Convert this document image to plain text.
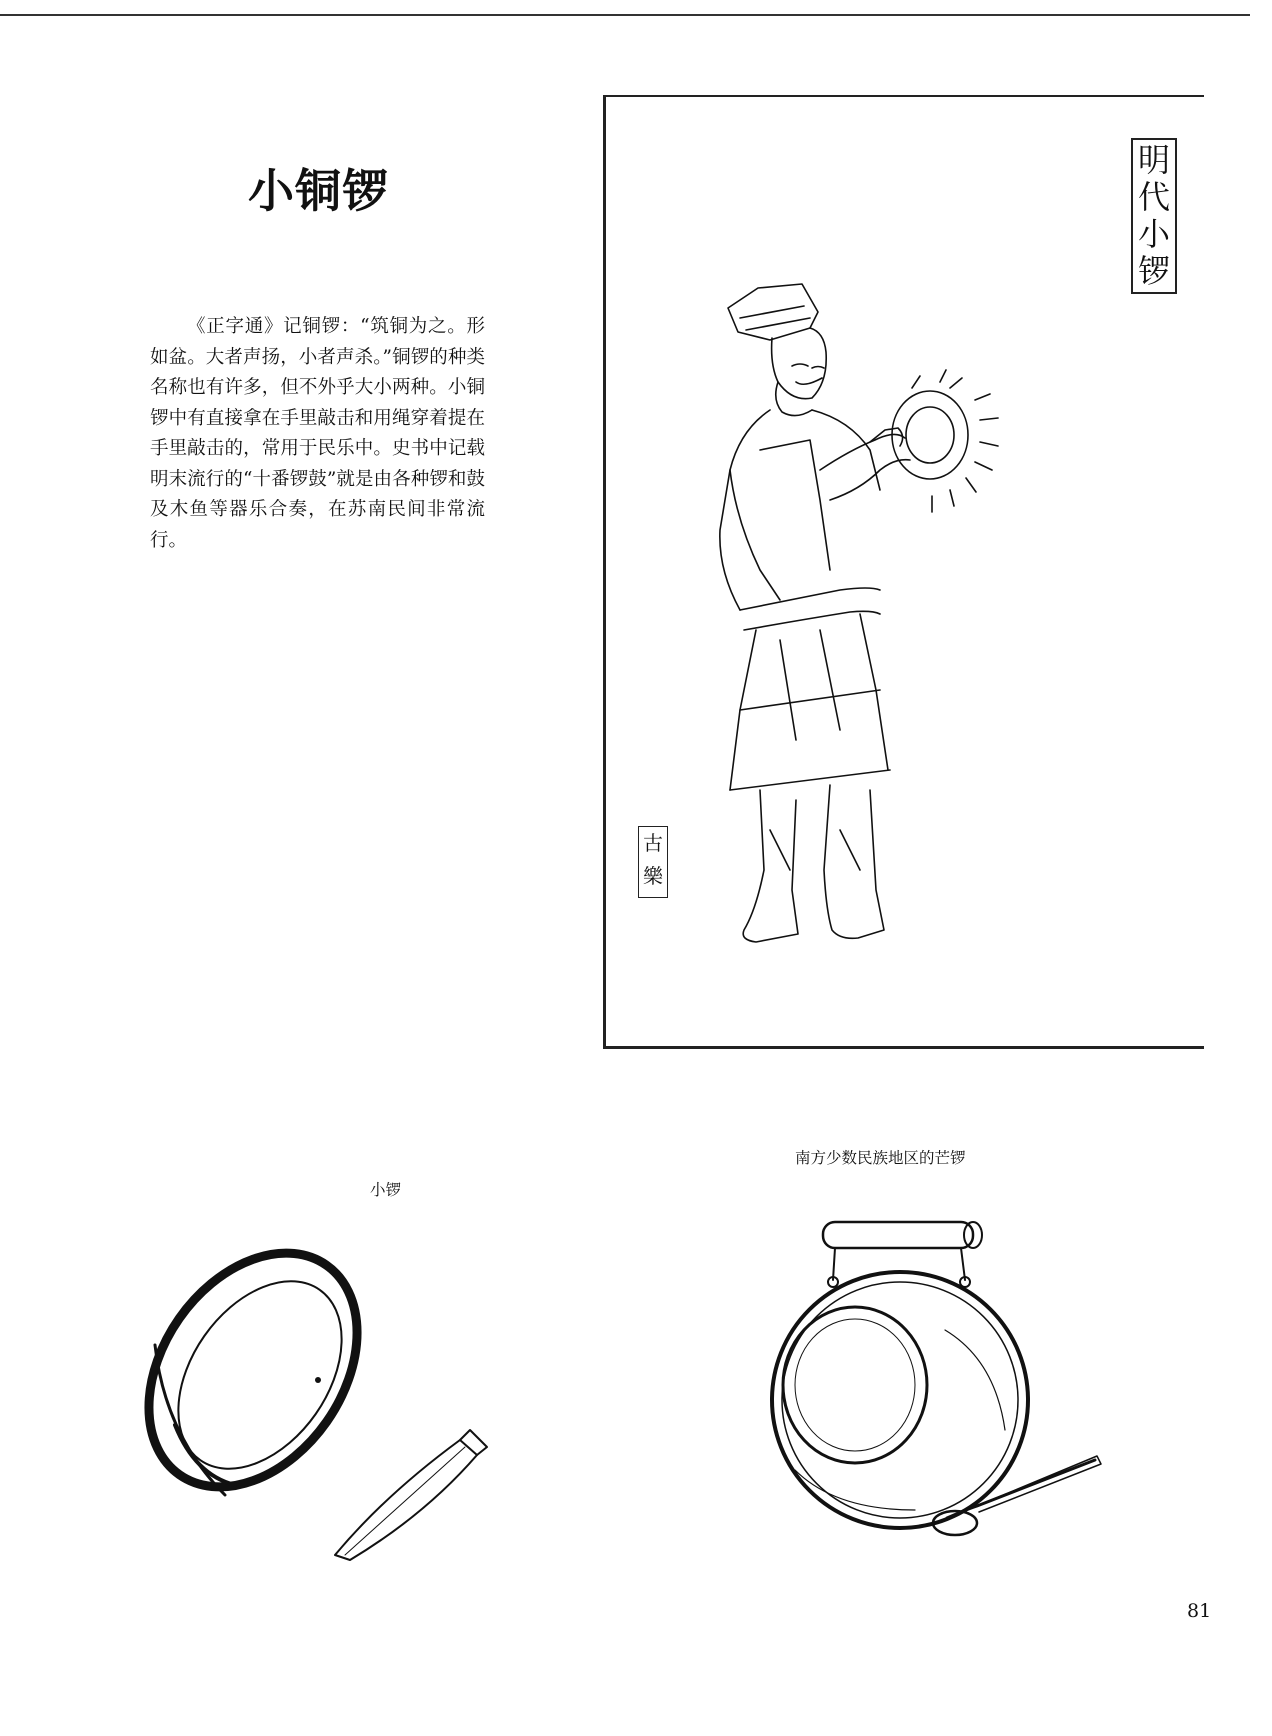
小铜锣

《正字通》记铜锣：“筑铜为之。形如盆。大者声扬，小者声杀。”铜锣的种类名称也有许多，但不外乎大小两种。小铜锣中有直接拿在手里敲击和用绳穿着提在手里敲击的，常用于民乐中。史书中记载明末流行的“十番锣鼓”就是由各种锣和鼓及木鱼等器乐合奏，在苏南民间非常流行。

明
代
小
锣
古
樂
小锣
南方少数民族地区的芒锣
81
